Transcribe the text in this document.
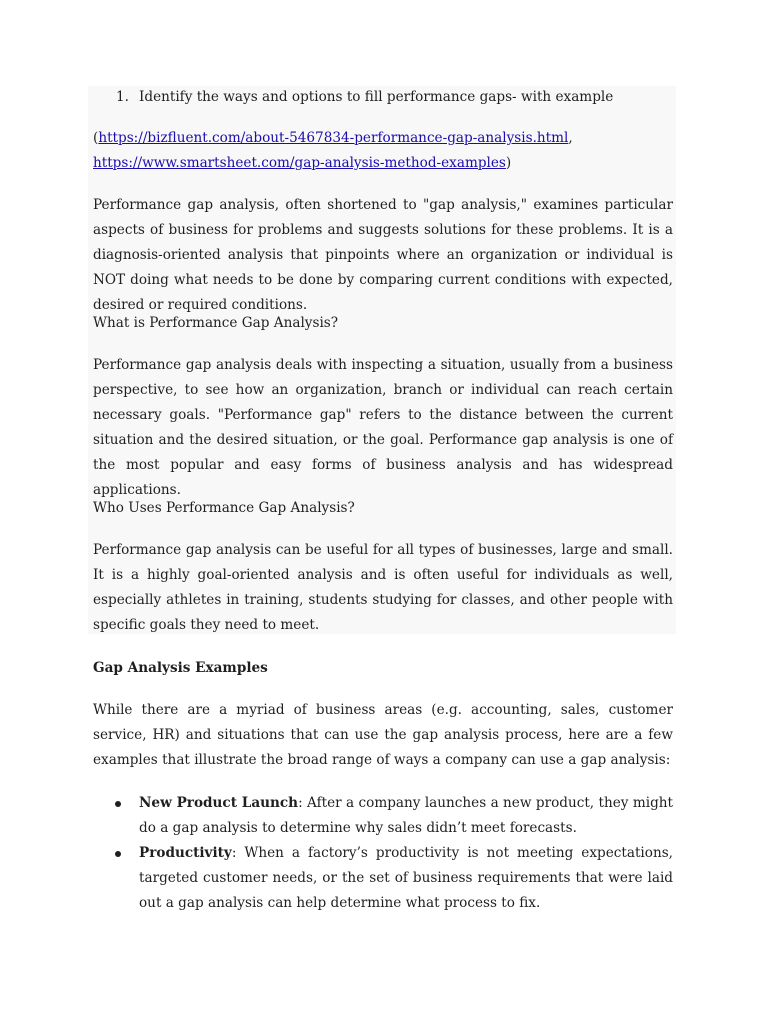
1. Identify the ways and options to fill performance gaps- with example

(https://bizfluent.com/about-5467834-performance-gap-analysis.html,
https://www.smartsheet.com/gap-analysis-method-examples)

Performance gap analysis, often shortened to "gap analysis," examines particular aspects of business for problems and suggests solutions for these problems. It is a diagnosis-oriented analysis that pinpoints where an organization or individual is NOT doing what needs to be done by comparing current conditions with expected, desired or required conditions.

What is Performance Gap Analysis?

Performance gap analysis deals with inspecting a situation, usually from a business perspective, to see how an organization, branch or individual can reach certain necessary goals. "Performance gap" refers to the distance between the current situation and the desired situation, or the goal. Performance gap analysis is one of the most popular and easy forms of business analysis and has widespread applications.

Who Uses Performance Gap Analysis?

Performance gap analysis can be useful for all types of businesses, large and small. It is a highly goal-oriented analysis and is often useful for individuals as well, especially athletes in training, students studying for classes, and other people with specific goals they need to meet.

Gap Analysis Examples

While there are a myriad of business areas (e.g. accounting, sales, customer service, HR) and situations that can use the gap analysis process, here are a few examples that illustrate the broad range of ways a company can use a gap analysis:

New Product Launch: After a company launches a new product, they might do a gap analysis to determine why sales didn’t meet forecasts.

Productivity: When a factory’s productivity is not meeting expectations, targeted customer needs, or the set of business requirements that were laid out a gap analysis can help determine what process to fix.
